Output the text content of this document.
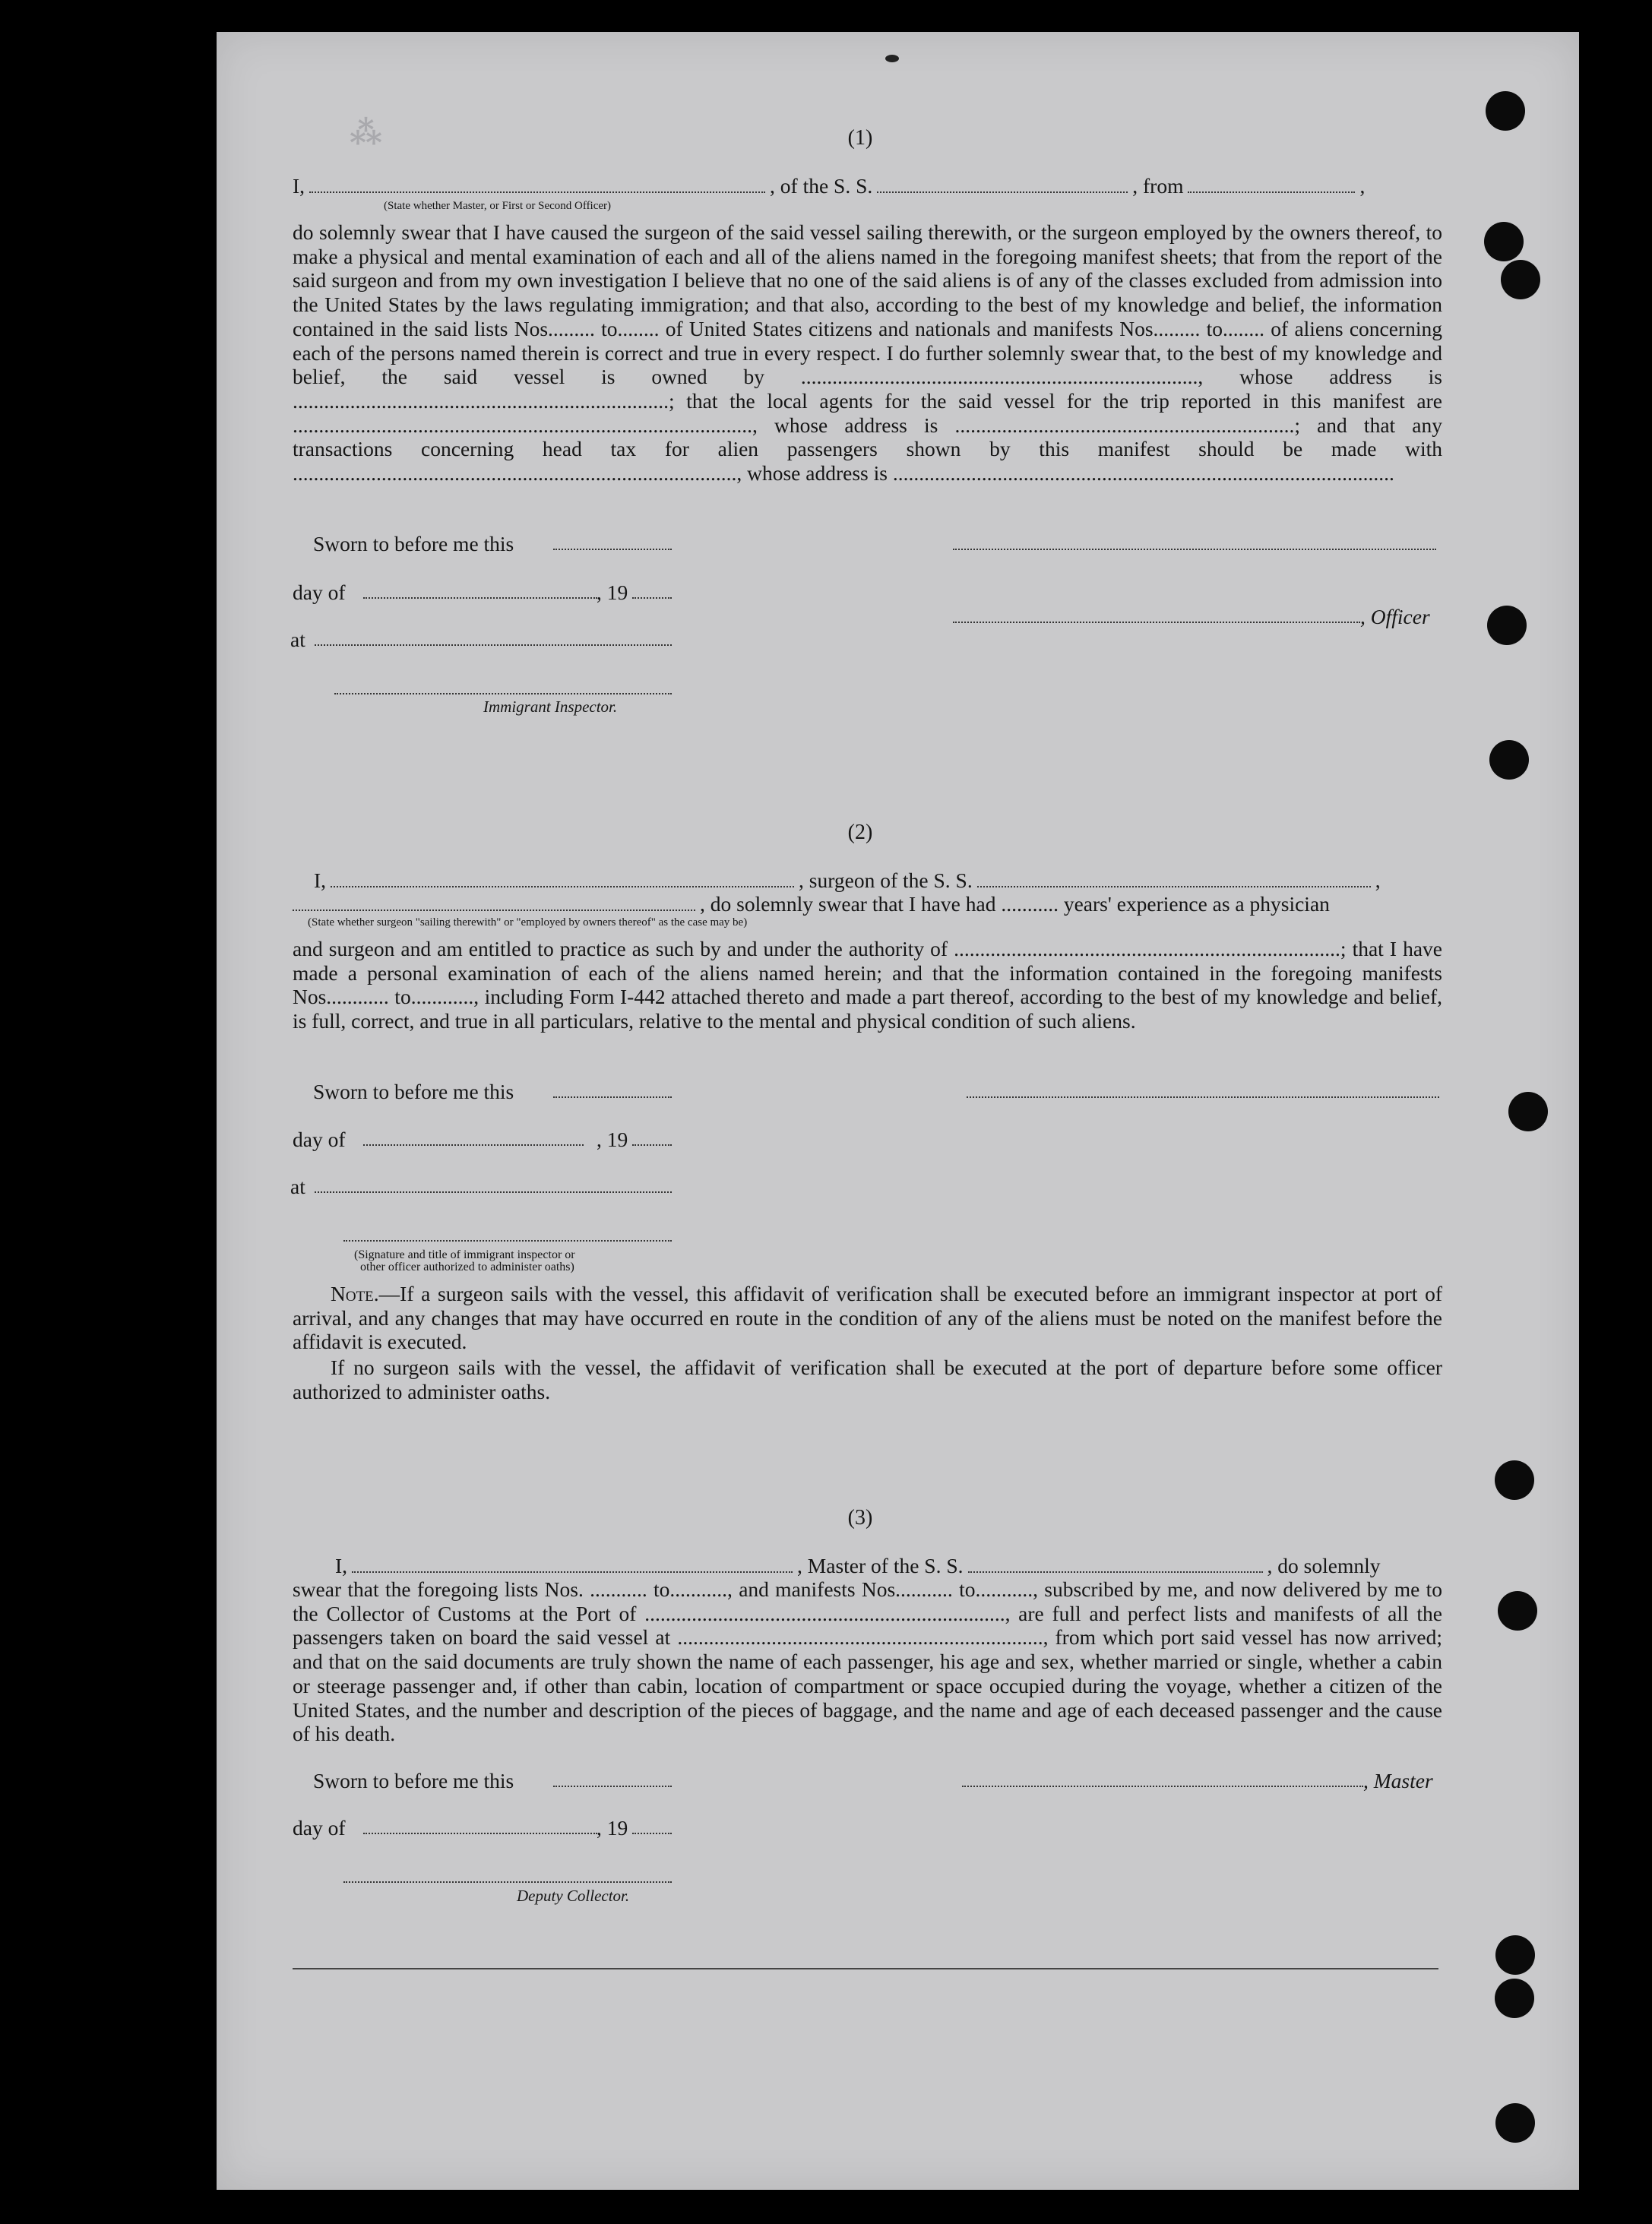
⁂	(1)
I,	, of the S. S.	, from	,
(State whether Master, or First or Second Officer)

do solemnly swear that I have caused the surgeon of the said vessel sailing therewith, or the surgeon employed by the owners thereof, to make a physical and mental examination of each and all of the aliens named in the foregoing manifest sheets; that from the report of the said surgeon and from my own investigation I believe that no one of the said aliens is of any of the classes excluded from admission into the United States by the laws regulating immigration; and that also, according to the best of my knowledge and belief, the information contained in the said lists Nos......... to........ of United States citizens and nationals and manifests Nos......... to........ of aliens concerning each of the persons named therein is correct and true in every respect. I do further solemnly swear that, to the best of my knowledge and belief, the said vessel is owned by ............................................................................, whose address is ........................................................................; that the local agents for the said vessel for the trip reported in this manifest are ........................................................................................, whose address is .................................................................; and that any transactions concerning head tax for alien passengers shown by this manifest should be made with ....................................................................................., whose address is ................................................................................................

Sworn to before me this
day of	, 19
, Officer
at
Immigrant Inspector.
(2)
I,	, surgeon of the S. S.	,
, do solemnly swear that I have had ........... years' experience as a physician
(State whether surgeon "sailing therewith" or "employed by owners thereof" as the case may be)

and surgeon and am entitled to practice as such by and under the authority of ..........................................................................; that I have made a personal examination of each of the aliens named herein; and that the information contained in the foregoing manifests Nos............ to............, including Form I-442 attached thereto and made a part thereof, according to the best of my knowledge and belief, is full, correct, and true in all particulars, relative to the mental and physical condition of such aliens.

Sworn to before me this
day of	, 19
at
(Signature and title of immigrant inspector or
other officer authorized to administer oaths)

Note.—If a surgeon sails with the vessel, this affidavit of verification shall be executed before an immigrant inspector at port of arrival, and any changes that may have occurred en route in the condition of any of the aliens must be noted on the manifest before the affidavit is executed.

If no surgeon sails with the vessel, the affidavit of verification shall be executed at the port of departure before some officer authorized to administer oaths.

(3)
I,	, Master of the S. S.	, do solemnly

swear that the foregoing lists Nos. ........... to..........., and manifests Nos........... to..........., subscribed by me, and now delivered by me to the Collector of Customs at the Port of ....................................................................., are full and perfect lists and manifests of all the passengers taken on board the said vessel at ......................................................................, from which port said vessel has now arrived; and that on the said documents are truly shown the name of each passenger, his age and sex, whether married or single, whether a cabin or steerage passenger and, if other than cabin, location of compartment or space occupied during the voyage, whether a citizen of the United States, and the number and description of the pieces of baggage, and the name and age of each deceased passenger and the cause of his death.

Sworn to before me this	, Master
day of	, 19
Deputy Collector.
